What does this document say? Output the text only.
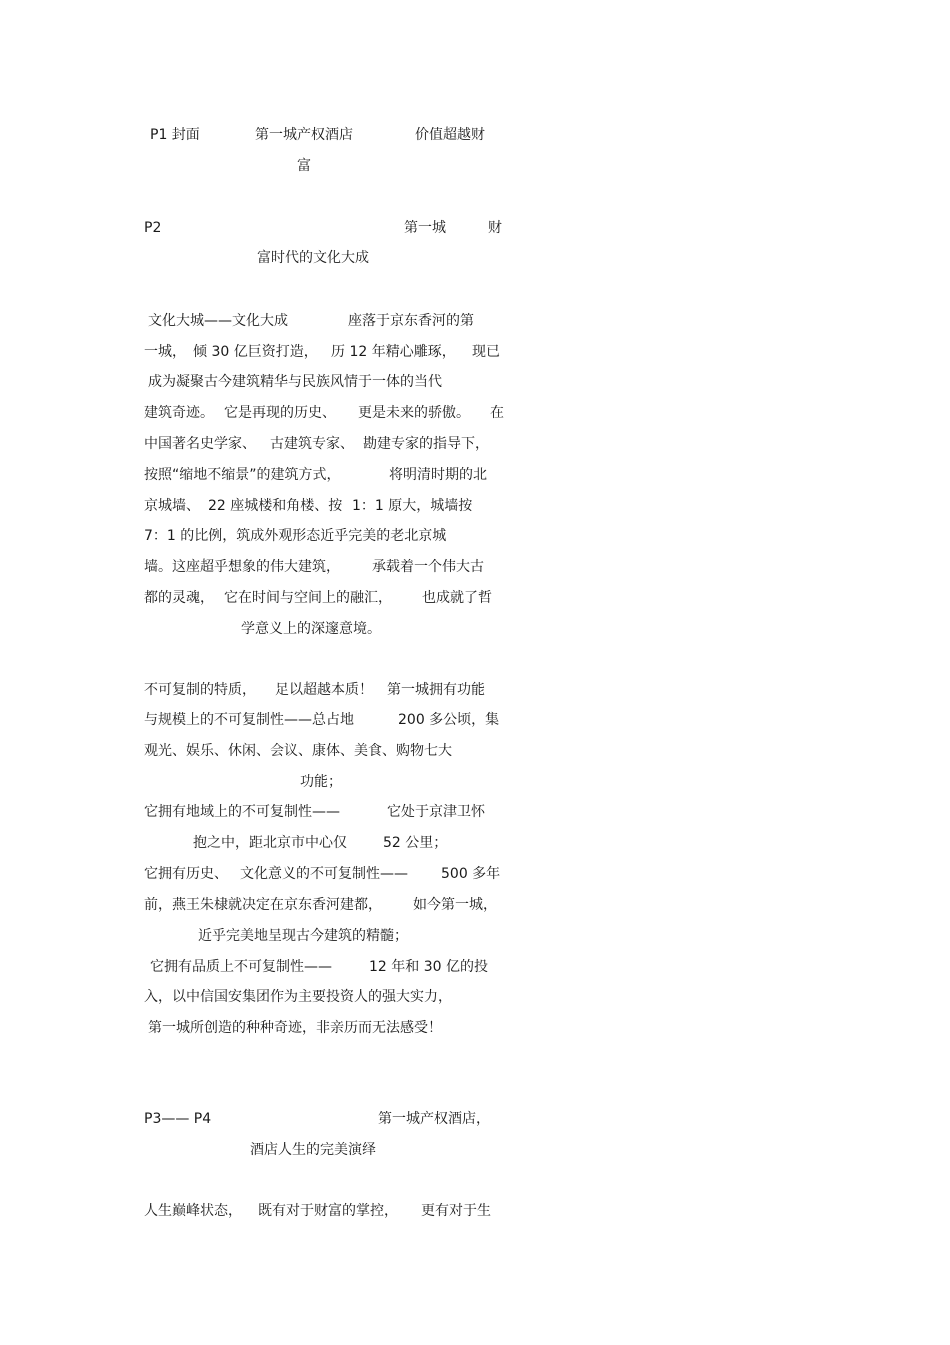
P1 封面	第一城产权酒店	价值超越财
富
P2	第一城	财
富时代的文化大成
文化大城——文化大成	座落于京东香河的第
一城， 倾 30 亿巨资打造， 历 12 年精心雕琢， 现已
成为凝聚古今建筑精华与民族风情于一体的当代
建筑奇迹。 它是再现的历史、 更是未来的骄傲。 在
中国著名史学家、 古建筑专家、 勘建专家的指导下，
按照“缩地不缩景”的建筑方式，	将明清时期的北
京城墙、 22 座城楼和角楼、按 1：1 原大，城墙按
7：1 的比例，筑成外观形态近乎完美的老北京城
墙。这座超乎想象的伟大建筑， 承载着一个伟大古
都的灵魂， 它在时间与空间上的融汇， 也成就了哲
学意义上的深邃意境。
不可复制的特质， 足以超越本质！ 第一城拥有功能
与规模上的不可复制性——总占地	200 多公顷，集
观光、娱乐、休闲、会议、康体、美食、购物七大
功能；
它拥有地域上的不可复制性——	它处于京津卫怀
抱之中，距北京市中心仅	52 公里；
它拥有历史、 文化意义的不可复制性—— 500 多年
前，燕王朱棣就决定在京东香河建都， 如今第一城，
近乎完美地呈现古今建筑的精髓；
它拥有品质上不可复制性——	12 年和 30 亿的投
入，以中信国安集团作为主要投资人的强大实力，
第一城所创造的种种奇迹，非亲历而无法感受！
P3—— P4	第一城产权酒店，
酒店人生的完美演绎
人生巅峰状态， 既有对于财富的掌控， 更有对于生
